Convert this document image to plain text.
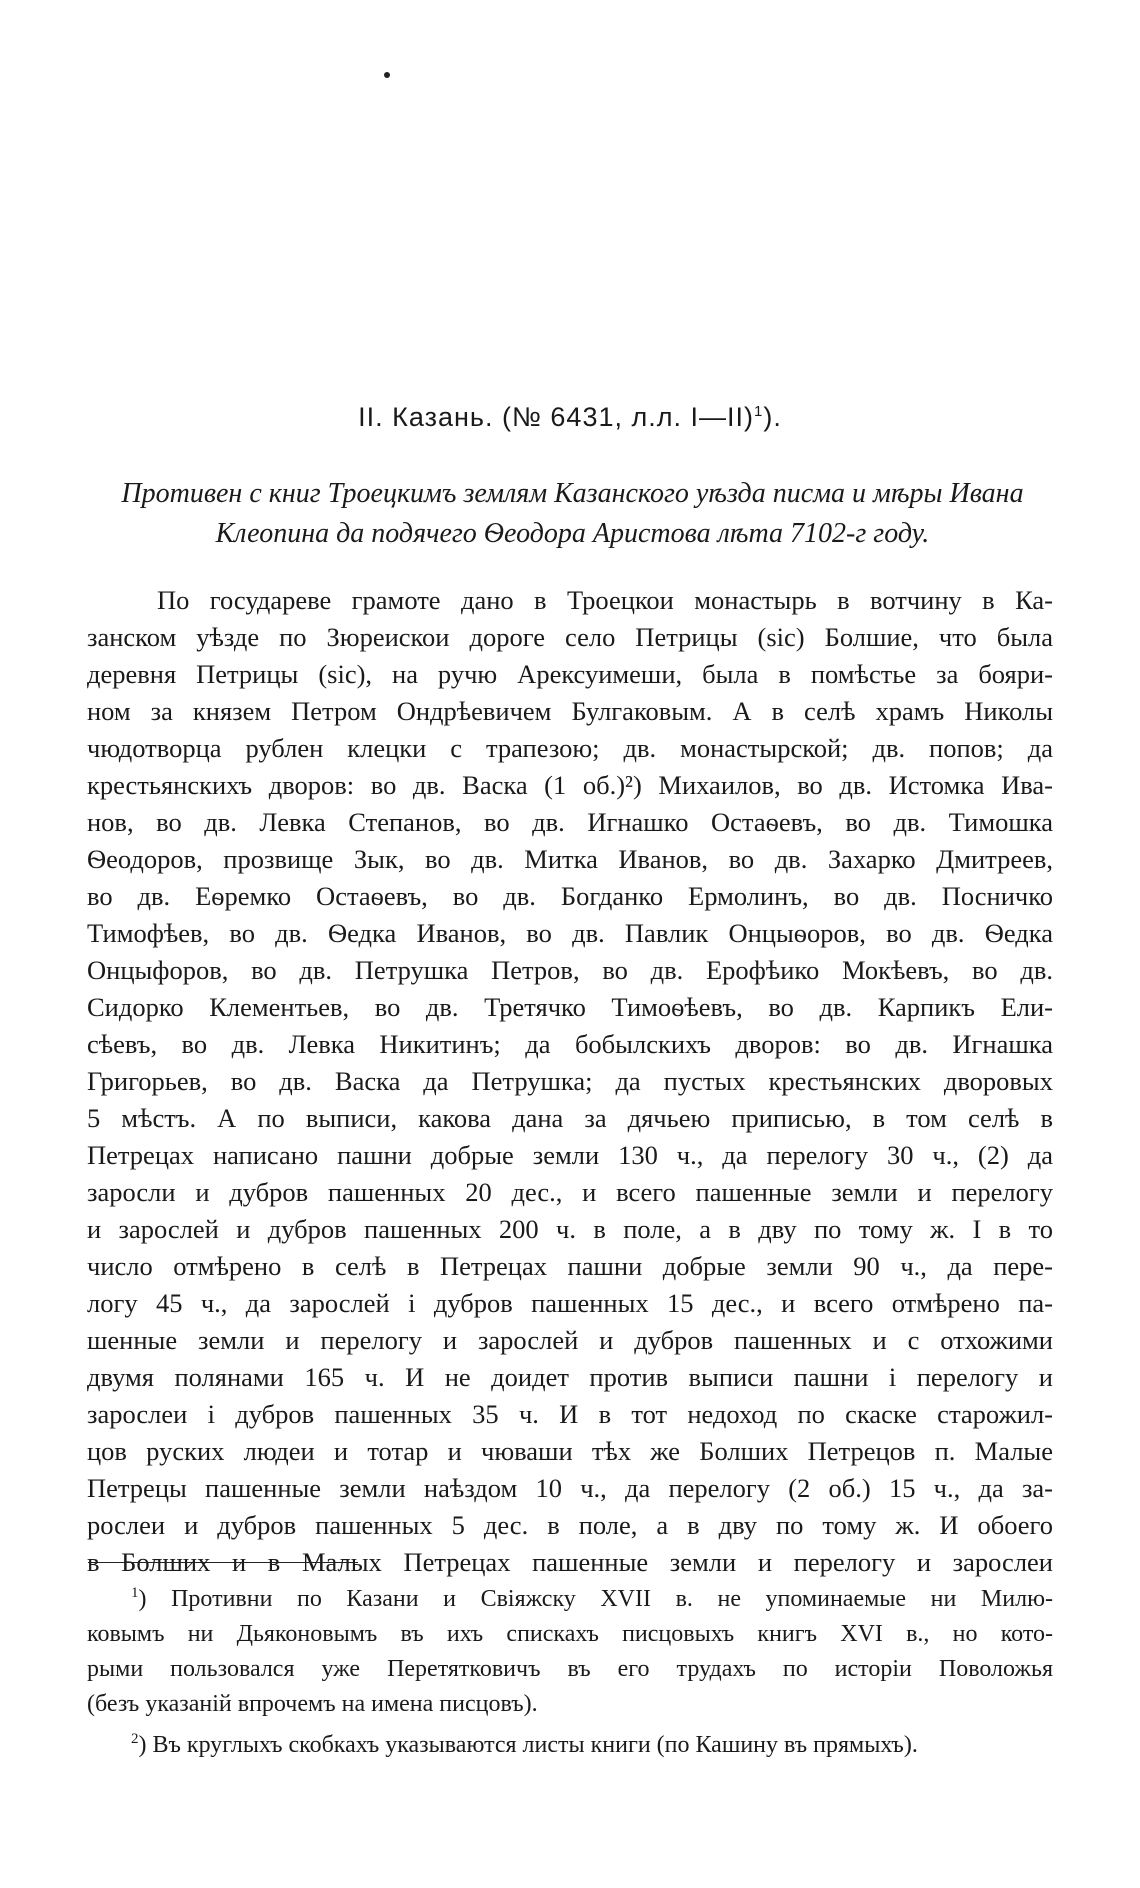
II. Казань. (№ 6431, л.л. I—II)$^1$).
Противен с книг Троецкимъ землям Казанского уѣзда писма и мѣры Ивана
Клеопина да подячего Ѳеодора Аристова лѣта 7102-г году.
По государеве грамоте дано в Троецкои монастырь в вотчину в Ка-
занском уѣзде по Зюреискои дороге село Петрицы (sic) Болшие, что была
деревня Петрицы (sic), на ручю Арексуимеши, была в помѣстье за бояри-
ном за князем Петром Ондрѣевичем Булгаковым. А в селѣ храмъ Николы
чюдотворца рублен клецки с трапезою; дв. монастырской; дв. попов; да
крестьянскихъ дворов: во дв. Васка (1 об.)²) Михаилов, во дв. Истомка Ива-
нов, во дв. Левка Степанов, во дв. Игнашко Остаѳевъ, во дв. Тимошка
Ѳеодоров, прозвище Зык, во дв. Митка Иванов, во дв. Захарко Дмитреев,
во дв. Еѳремко Остаѳевъ, во дв. Богданко Ермолинъ, во дв. Посничко
Тимофѣев, во дв. Ѳедка Иванов, во дв. Павлик Онцыѳоров, во дв. Ѳедка
Онцыфоров, во дв. Петрушка Петров, во дв. Ерофѣико Мокѣевъ, во дв.
Сидорко Клементьев, во дв. Третячко Тимоѳѣевъ, во дв. Карпикъ Ели-
сѣевъ, во дв. Левка Никитинъ; да бобылскихъ дворов: во дв. Игнашка
Григорьев, во дв. Васка да Петрушка; да пустых крестьянских дворовых
5 мѣстъ. А по выписи, какова дана за дячьею приписью, в том селѣ в
Петрецах написано пашни добрые земли 130 ч., да перелогу 30 ч., (2) да
заросли и дубров пашенных 20 дес., и всего пашенные земли и перелогу
и зарослей и дубров пашенных 200 ч. в поле, а в дву по тому ж. I в то
число отмѣрено в селѣ в Петрецах пашни добрые земли 90 ч., да пере-
логу 45 ч., да зарослей і дубров пашенных 15 дес., и всего отмѣрено па-
шенные земли и перелогу и зарослей и дубров пашенных и с отхожими
двумя полянами 165 ч. И не доидет против выписи пашни і перелогу и
зарослеи і дубров пашенных 35 ч. И в тот недоход по скаске старожил-
цов руских людеи и тотар и чюваши тѣх же Болших Петрецов п. Малые
Петрецы пашенные земли наѣздом 10 ч., да перелогу (2 об.) 15 ч., да за-
рослеи и дубров пашенных 5 дес. в поле, а в дву по тому ж. И обоего
в Болших и в Малых Петрецах пашенные земли и перелогу и зарослеи
$^1$) Противни по Казани и Свіяжску XVII в. не упоминаемые ни Милю-
ковымъ ни Дьяконовымъ въ ихъ спискахъ писцовыхъ книгъ XVI в., но кото-
рыми пользовался уже Перетятковичъ въ его трудахъ по исторіи Поволожья
(безъ указаній впрочемъ на имена писцовъ).
$^2$) Въ круглыхъ скобкахъ указываются листы книги (по Кашину въ прямыхъ).
